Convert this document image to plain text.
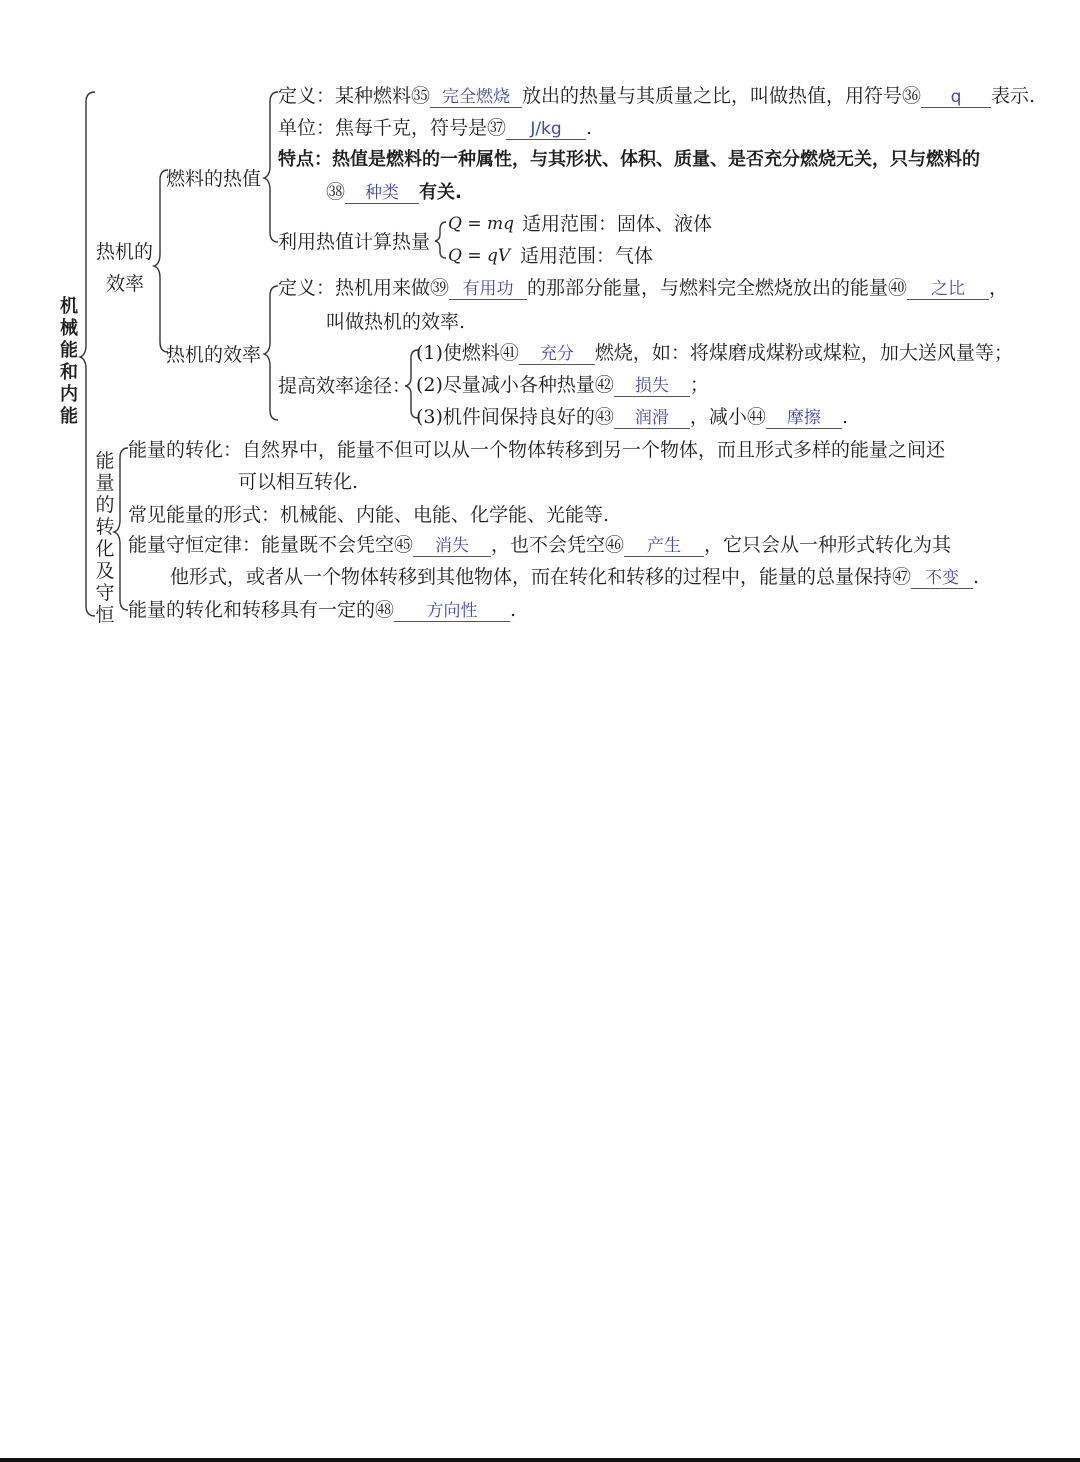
机械能和内能
热机的
效率
燃料的热值
定义：某种燃料㉟ 完全燃烧 放出的热量与其质量之比，叫做热值，用符号㊱ q 表示.
单位：焦每千克，符号是㊲ J/kg .
特点：热值是燃料的一种属性，与其形状、体积、质量、是否充分燃烧无关，只与燃料的
㊳ 种类 有关.
利用热值计算热量
Q = mq 适用范围：固体、液体
Q = qV 适用范围：气体
热机的效率
定义：热机用来做㊴ 有用功 的那部分能量，与燃料完全燃烧放出的能量㊵ 之比 ，
叫做热机的效率.
提高效率途径：
(1)使燃料㊶ 充分 燃烧，如：将煤磨成煤粉或煤粒，加大送风量等；
(2)尽量减小各种热量㊷ 损失 ；
(3)机件间保持良好的㊸ 润滑 ，减小㊹ 摩擦 .
能量的转化及守恒
能量的转化：自然界中，能量不但可以从一个物体转移到另一个物体，而且形式多样的能量之间还
可以相互转化.
常见能量的形式：机械能、内能、电能、化学能、光能等.
能量守恒定律：能量既不会凭空㊺ 消失 ，也不会凭空㊻ 产生 ，它只会从一种形式转化为其
他形式，或者从一个物体转移到其他物体，而在转化和转移的过程中，能量的总量保持㊼ 不变 .
能量的转化和转移具有一定的㊽ 方向性 .
